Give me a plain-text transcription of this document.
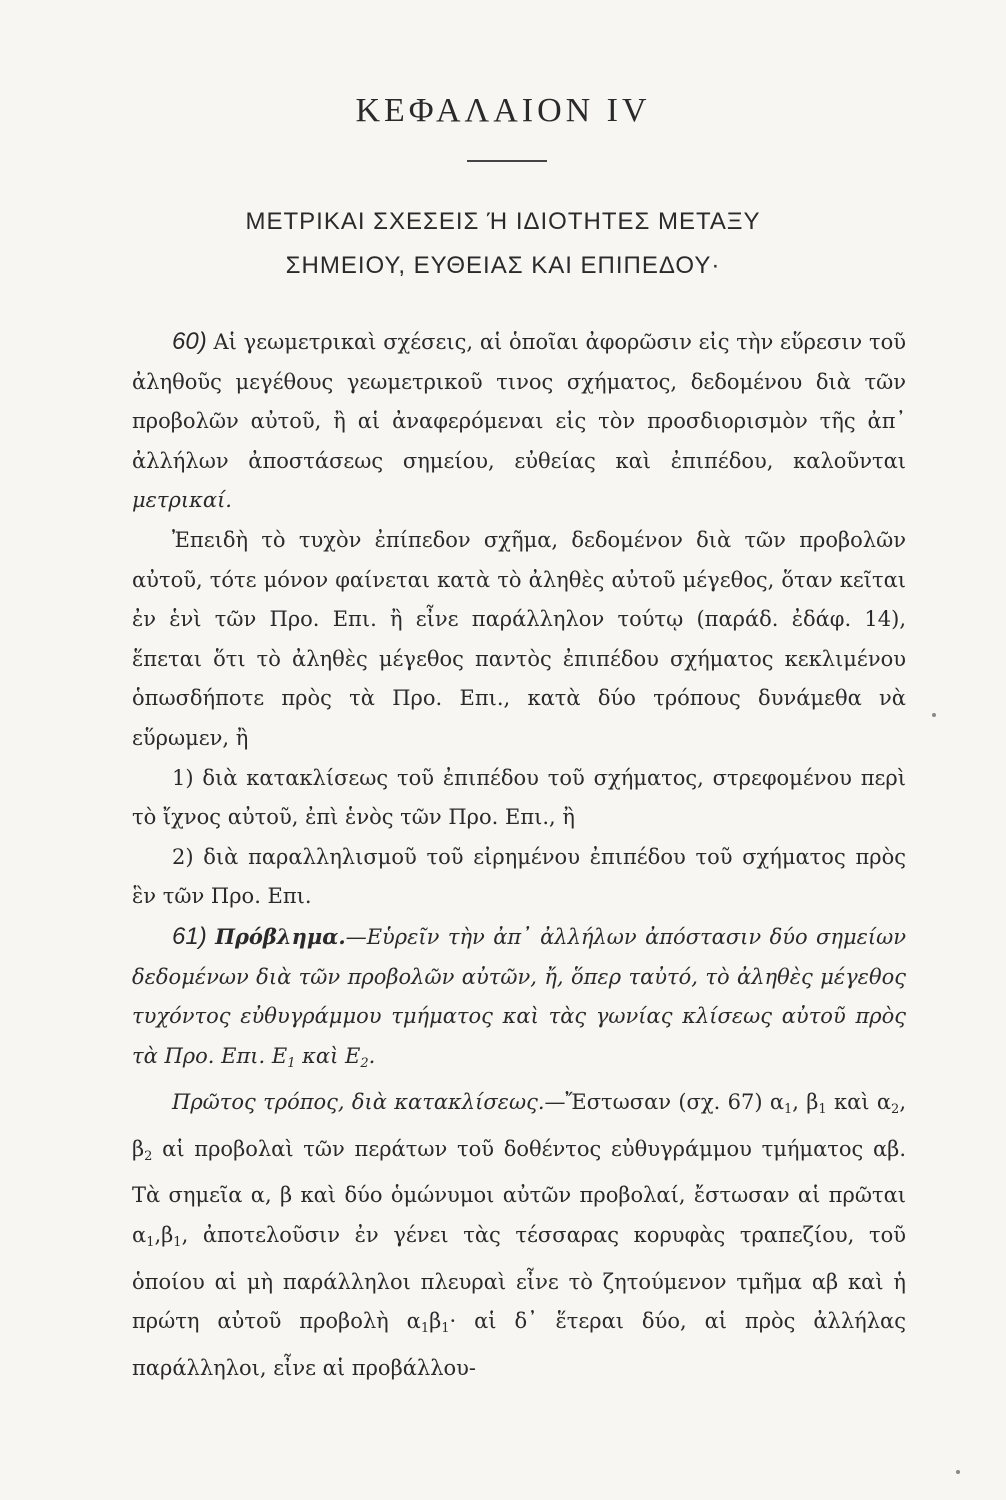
ΚΕΦΑΛΑΙΟΝ IV
ΜΕΤΡΙΚΑΙ ΣΧΕΣΕΙΣ Ή ΙΔΙΟΤΗΤΕΣ ΜΕΤΑΞΥ
ΣΗΜΕΙΟΥ, ΕΥΘΕΙΑΣ ΚΑΙ ΕΠΙΠΕΔΟΥ·

60) Αἱ γεωμετρικαὶ σχέσεις, αἱ ὁποῖαι ἀφορῶσιν εἰς τὴν εὕρεσιν τοῦ ἀληθοῦς μεγέθους γεωμετρικοῦ τινος σχήματος, δεδομένου διὰ τῶν προβολῶν αὐτοῦ, ἢ αἱ ἀναφερόμεναι εἰς τὸν προσδιορισμὸν τῆς ἀπ᾽ ἀλλήλων ἀποστάσεως σημείου, εὐθείας καὶ ἐπιπέδου, καλοῦνται μετρικαί.

Ἐπειδὴ τὸ τυχὸν ἐπίπεδον σχῆμα, δεδομένον διὰ τῶν προβολῶν αὐτοῦ, τότε μόνον φαίνεται κατὰ τὸ ἀληθὲς αὐτοῦ μέγεθος, ὅταν κεῖται ἐν ἑνὶ τῶν Προ. Επι. ἢ εἶνε παράλληλον τούτῳ (παράδ. ἐδάφ. 14), ἕπεται ὅτι τὸ ἀληθὲς μέγεθος παντὸς ἐπιπέδου σχήματος κεκλιμένου ὁπωσδήποτε πρὸς τὰ Προ. Επι., κατὰ δύο τρόπους δυνάμεθα νὰ εὕρωμεν, ἢ

1) διὰ κατακλίσεως τοῦ ἐπιπέδου τοῦ σχήματος, στρεφομένου περὶ τὸ ἴχνος αὐτοῦ, ἐπὶ ἑνὸς τῶν Προ. Επι., ἢ

2) διὰ παραλληλισμοῦ τοῦ εἰρημένου ἐπιπέδου τοῦ σχήματος πρὸς ἓν τῶν Προ. Επι.

61) Πρόβλημα.—Εὑρεῖν τὴν ἀπ᾽ ἀλλήλων ἀπόστασιν δύο σημείων δεδομένων διὰ τῶν προβολῶν αὐτῶν, ἤ, ὅπερ ταὐτό, τὸ ἀληθὲς μέγεθος τυχόντος εὐθυγράμμου τμήματος καὶ τὰς γωνίας κλίσεως αὐτοῦ πρὸς τὰ Προ. Επι. $E_1$ καὶ $E_2$.

Πρῶτος τρόπος, διὰ κατακλίσεως.—Ἔστωσαν (σχ. 67) $\alpha_1$, $\beta_1$ καὶ $\alpha_2$, $\beta_2$ αἱ προβολαὶ τῶν περάτων τοῦ δοθέντος εὐθυγράμμου τμήματος αβ. Τὰ σημεῖα α, β καὶ δύο ὁμώνυμοι αὐτῶν προβολαί, ἔστωσαν αἱ πρῶται $\alpha_1,\beta_1$, ἀποτελοῦσιν ἐν γένει τὰς τέσσαρας κορυφὰς τραπεζίου, τοῦ ὁποίου αἱ μὴ παράλληλοι πλευραὶ εἶνε τὸ ζητούμενον τμῆμα αβ καὶ ἡ πρώτη αὐτοῦ προβολὴ $\alpha_1\beta_1\cdot$ αἱ δ᾽ ἕτεραι δύο, αἱ πρὸς ἀλλήλας παράλληλοι, εἶνε αἱ προβάλλου-
